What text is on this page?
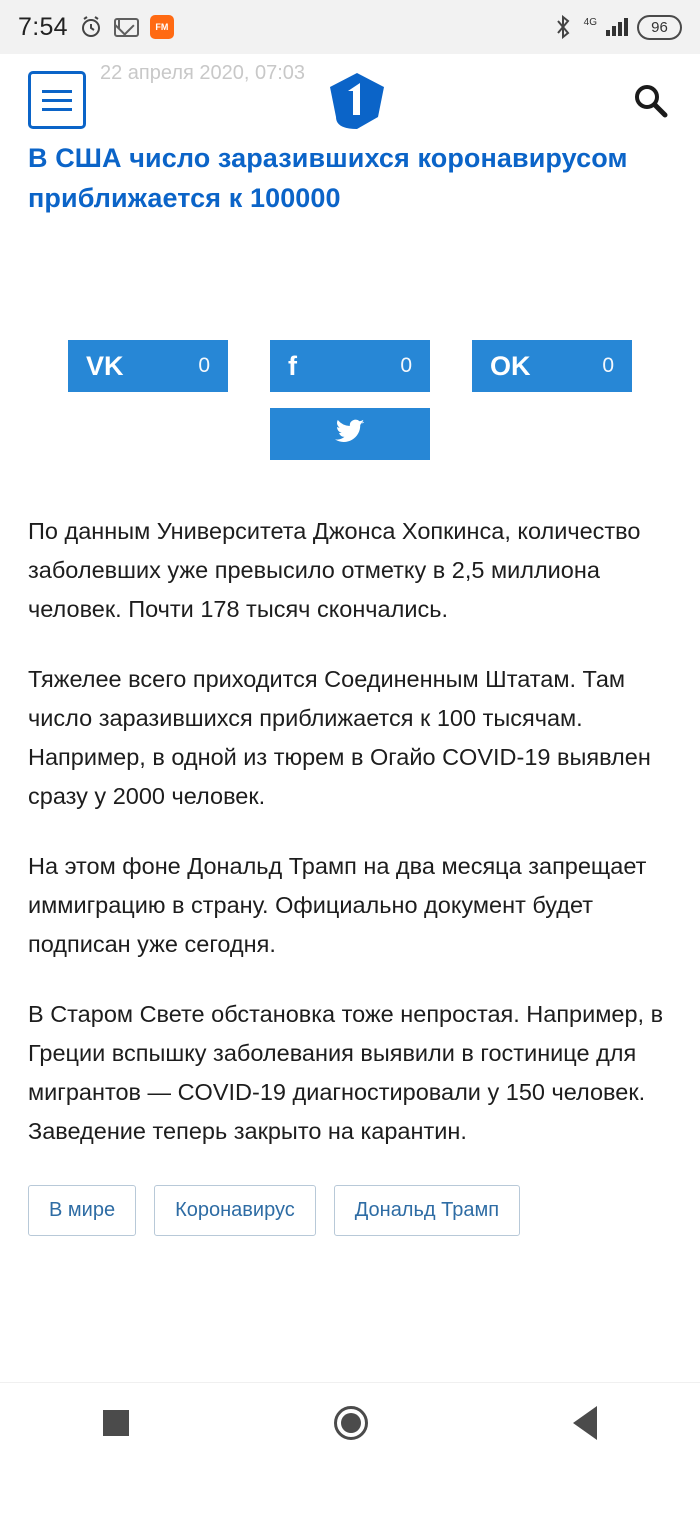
7:54	FM	4G	96
22 апреля 2020, 07:03
В США число заразившихся коронавирусом
приближается к 100000
VK	0	f	0	OK	0

По данным Университета Джонса Хопкинса, количество заболевших уже превысило отметку в 2,5 миллиона человек. Почти 178 тысяч скончались.

Тяжелее всего приходится Соединенным Штатам. Там число заразившихся приближается к 100 тысячам. Например, в одной из тюрем в Огайо COVID-19 выявлен сразу у 2000 человек.

На этом фоне Дональд Трамп на два месяца запрещает иммиграцию в страну. Официально документ будет подписан уже сегодня.

В Старом Свете обстановка тоже непростая. Например, в Греции вспышку заболевания выявили в гостинице для мигрантов — COVID-19 диагностировали у 150 человек. Заведение теперь закрыто на карантин.

В мире	Коронавирус	Дональд Трамп
